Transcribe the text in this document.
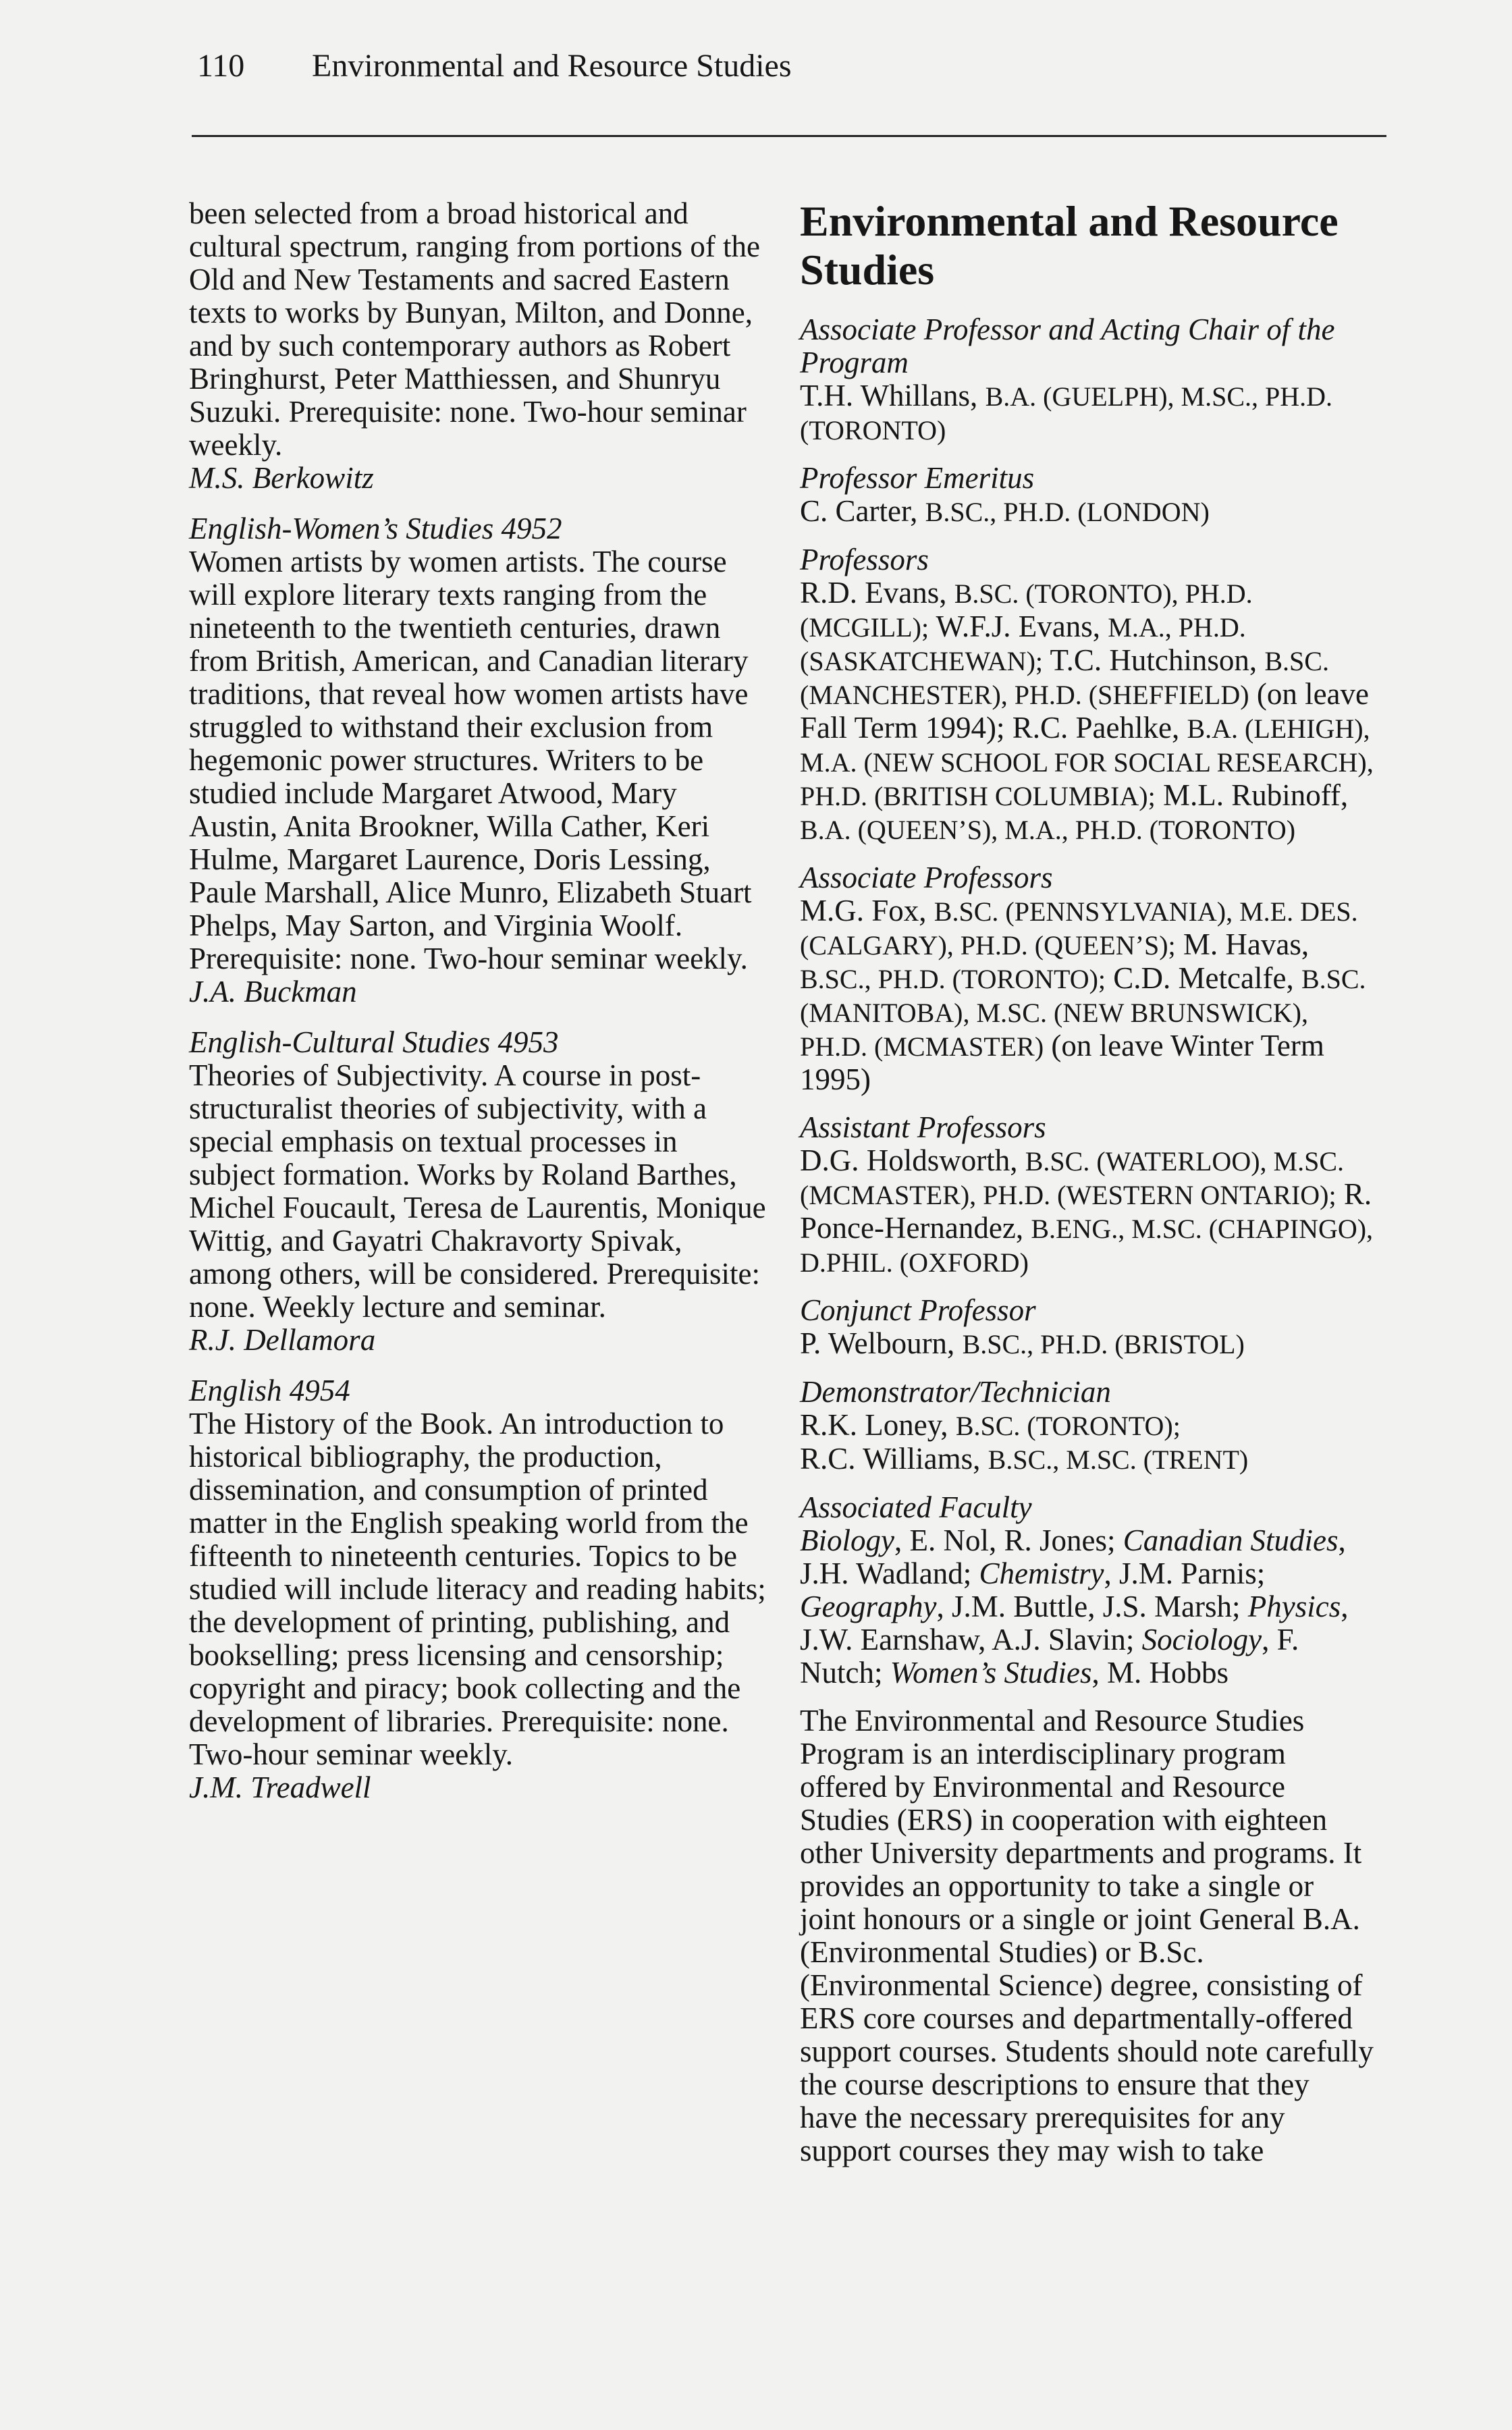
110 Environmental and Resource Studies

been selected from a broad historical and cultural spectrum, ranging from portions of the Old and New Testaments and sacred Eastern texts to works by Bunyan, Milton, and Donne, and by such contemporary authors as Robert Bringhurst, Peter Matthiessen, and Shunryu Suzuki. Prerequisite: none. Two-hour seminar weekly.

M.S. Berkowitz
English-Women’s Studies 4952

Women artists by women artists. The course will explore literary texts ranging from the nineteenth to the twentieth centuries, drawn from British, American, and Canadian literary traditions, that reveal how women artists have struggled to withstand their exclusion from hegemonic power structures. Writers to be studied include Margaret Atwood, Mary Austin, Anita Brookner, Willa Cather, Keri Hulme, Margaret Laurence, Doris Lessing, Paule Marshall, Alice Munro, Elizabeth Stuart Phelps, May Sarton, and Virginia Woolf. Prerequisite: none. Two-hour seminar weekly.

J.A. Buckman
English-Cultural Studies 4953

Theories of Subjectivity. A course in post-structuralist theories of subjectivity, with a special emphasis on textual processes in subject formation. Works by Roland Barthes, Michel Foucault, Teresa de Laurentis, Monique Wittig, and Gayatri Chakravorty Spivak, among others, will be considered. Prerequisite: none. Weekly lecture and seminar.

R.J. Dellamora
English 4954

The History of the Book. An introduction to historical bibliography, the production, dissemination, and consumption of printed matter in the English speaking world from the fifteenth to nineteenth centuries. Topics to be studied will include literacy and reading habits; the development of printing, publishing, and bookselling; press licensing and censorship; copyright and piracy; book collecting and the development of libraries. Prerequisite: none. Two-hour seminar weekly.

J.M. Treadwell
Environmental and Resource Studies
Associate Professor and Acting Chair of the Program
T.H. Whillans, B.A. (GUELPH), M.SC., PH.D. (TORONTO)
Professor Emeritus
C. Carter, B.SC., PH.D. (LONDON)
Professors
R.D. Evans, B.SC. (TORONTO), PH.D. (MCGILL); W.F.J. Evans, M.A., PH.D. (SASKATCHEWAN); T.C. Hutchinson, B.SC. (MANCHESTER), PH.D. (SHEFFIELD) (on leave Fall Term 1994); R.C. Paehlke, B.A. (LEHIGH), M.A. (NEW SCHOOL FOR SOCIAL RESEARCH), PH.D. (BRITISH COLUMBIA); M.L. Rubinoff, B.A. (QUEEN’S), M.A., PH.D. (TORONTO)
Associate Professors
M.G. Fox, B.SC. (PENNSYLVANIA), M.E. DES. (CALGARY), PH.D. (QUEEN’S); M. Havas, B.SC., PH.D. (TORONTO); C.D. Metcalfe, B.SC. (MANITOBA), M.SC. (NEW BRUNSWICK), PH.D. (MCMASTER) (on leave Winter Term 1995)
Assistant Professors
D.G. Holdsworth, B.SC. (WATERLOO), M.SC. (MCMASTER), PH.D. (WESTERN ONTARIO); R. Ponce-Hernandez, B.ENG., M.SC. (CHAPINGO), D.PHIL. (OXFORD)
Conjunct Professor
P. Welbourn, B.SC., PH.D. (BRISTOL)
Demonstrator/Technician
R.K. Loney, B.SC. (TORONTO);
R.C. Williams, B.SC., M.SC. (TRENT)
Associated Faculty
Biology, E. Nol, R. Jones; Canadian Studies, J.H. Wadland; Chemistry, J.M. Parnis; Geography, J.M. Buttle, J.S. Marsh; Physics, J.W. Earnshaw, A.J. Slavin; Sociology, F. Nutch; Women’s Studies, M. Hobbs

The Environmental and Resource Studies Program is an interdisciplinary program offered by Environmental and Resource Studies (ERS) in cooperation with eighteen other University departments and programs. It provides an opportunity to take a single or joint honours or a single or joint General B.A. (Environmental Studies) or B.Sc. (Environmental Science) degree, consisting of ERS core courses and departmentally-offered support courses. Students should note carefully the course descriptions to ensure that they have the necessary prerequisites for any support courses they may wish to take
